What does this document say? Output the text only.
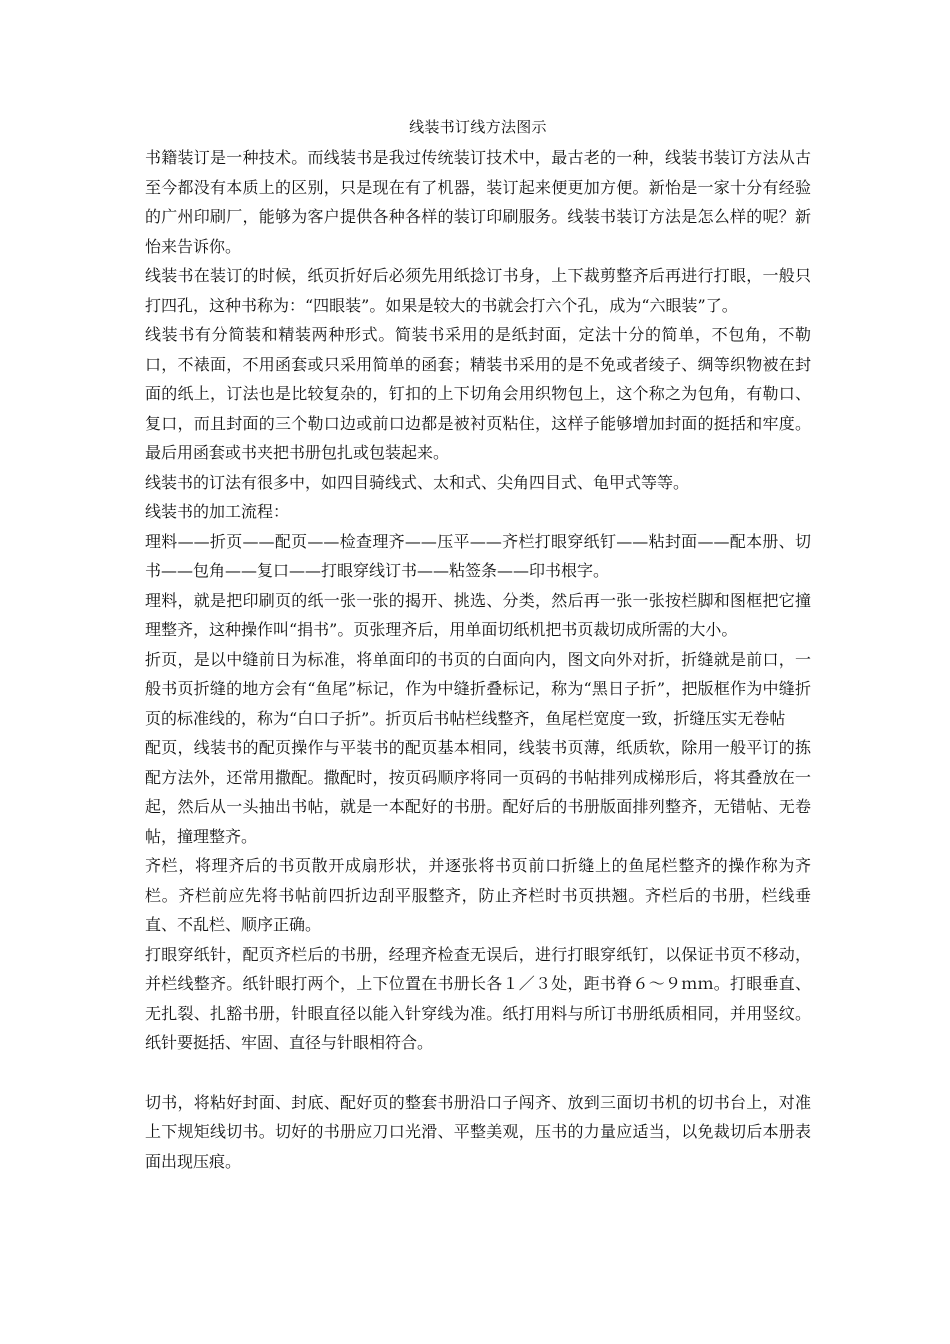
线装书订线方法图示

书籍装订是一种技术。而线装书是我过传统装订技术中，最古老的一种，线装书装订方法从古至今都没有本质上的区别，只是现在有了机器，装订起来便更加方便。新怡是一家十分有经验的广州印刷厂，能够为客户提供各种各样的装订印刷服务。线装书装订方法是怎么样的呢？新怡来告诉你。

线装书在装订的时候，纸页折好后必须先用纸捻订书身，上下裁剪整齐后再进行打眼，一般只打四孔，这种书称为：“四眼装”。如果是较大的书就会打六个孔，成为“六眼装”了。

线装书有分简装和精装两种形式。简装书采用的是纸封面，定法十分的简单，不包角，不勒口，不裱面，不用函套或只采用简单的函套；精装书采用的是不免或者绫子、绸等织物被在封面的纸上，订法也是比较复杂的，钉扣的上下切角会用织物包上，这个称之为包角，有勒口、复口，而且封面的三个勒口边或前口边都是被衬页粘住，这样子能够增加封面的挺括和牢度。最后用函套或书夹把书册包扎或包装起来。

线装书的订法有很多中，如四目骑线式、太和式、尖角四目式、龟甲式等等。

线装书的加工流程：

理料——折页——配页——检查理齐——压平——齐栏打眼穿纸钉——粘封面——配本册、切书——包角——复口——打眼穿线订书——粘签条——印书根字。

理料，就是把印刷页的纸一张一张的揭开、挑选、分类，然后再一张一张按栏脚和图框把它撞理整齐，这种操作叫“捐书”。页张理齐后，用单面切纸机把书页裁切成所需的大小。

折页，是以中缝前日为标准，将单面印的书页的白面向内，图文向外对折，折缝就是前口，一般书页折缝的地方会有“鱼尾”标记，作为中缝折叠标记，称为“黑日子折”，把版框作为中缝折页的标准线的，称为“白口子折”。折页后书帖栏线整齐，鱼尾栏宽度一致，折缝压实无卷帖

配页，线装书的配页操作与平装书的配页基本相同，线装书页薄，纸质软，除用一般平订的拣配方法外，还常用撒配。撒配时，按页码顺序将同一页码的书帖排列成梯形后，将其叠放在一起，然后从一头抽出书帖，就是一本配好的书册。配好后的书册版面排列整齐，无错帖、无卷帖，撞理整齐。

齐栏，将理齐后的书页散开成扇形状，并逐张将书页前口折缝上的鱼尾栏整齐的操作称为齐栏。齐栏前应先将书帖前四折边刮平服整齐，防止齐栏时书页拱翘。齐栏后的书册，栏线垂直、不乱栏、顺序正确。

打眼穿纸针，配页齐栏后的书册，经理齐检查无误后，进行打眼穿纸钉，以保证书页不移动，并栏线整齐。纸针眼打两个，上下位置在书册长各１／３处，距书脊６～９ｍｍ。打眼垂直、无扎裂、扎豁书册，针眼直径以能入针穿线为准。纸打用料与所订书册纸质相同，并用竖纹。纸针要挺括、牢固、直径与针眼相符合。

切书，将粘好封面、封底、配好页的整套书册沿口子闯齐、放到三面切书机的切书台上，对准上下规矩线切书。切好的书册应刀口光滑、平整美观，压书的力量应适当，以免裁切后本册表面出现压痕。
